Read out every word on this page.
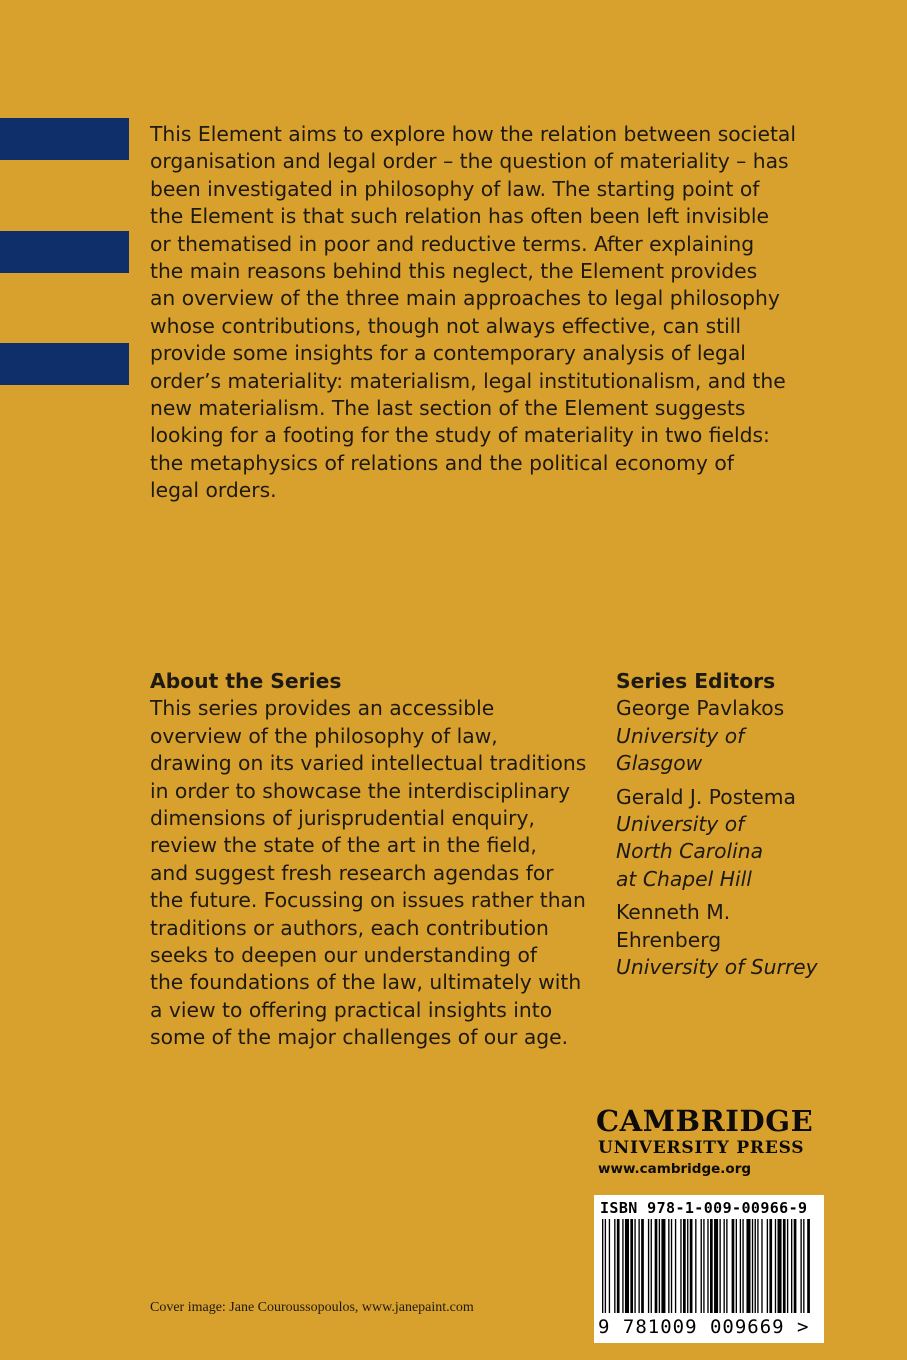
This Element aims to explore how the relation between societal
organisation and legal order – the question of materiality – has
been investigated in philosophy of law. The starting point of
the Element is that such relation has often been left invisible
or thematised in poor and reductive terms. After explaining
the main reasons behind this neglect, the Element provides
an overview of the three main approaches to legal philosophy
whose contributions, though not always effective, can still
provide some insights for a contemporary analysis of legal
order’s materiality: materialism, legal institutionalism, and the
new materialism. The last section of the Element suggests
looking for a footing for the study of materiality in two fields:
the metaphysics of relations and the political economy of
legal orders.

About the Series

This series provides an accessible
overview of the philosophy of law,
drawing on its varied intellectual traditions
in order to showcase the interdisciplinary
dimensions of jurisprudential enquiry,
review the state of the art in the field,
and suggest fresh research agendas for
the future. Focussing on issues rather than
traditions or authors, each contribution
seeks to deepen our understanding of
the foundations of the law, ultimately with
a view to offering practical insights into
some of the major challenges of our age.

Series Editors

George Pavlakos
University of
Glasgow

Gerald J. Postema
University of
North Carolina
at Chapel Hill

Kenneth M.
Ehrenberg
University of Surrey

CAMBRIDGE
UNIVERSITY PRESS
www.cambridge.org
ISBN 978-1-009-00966-9
9 781009 009669 >
Cover image: Jane Couroussopoulos, www.janepaint.com
